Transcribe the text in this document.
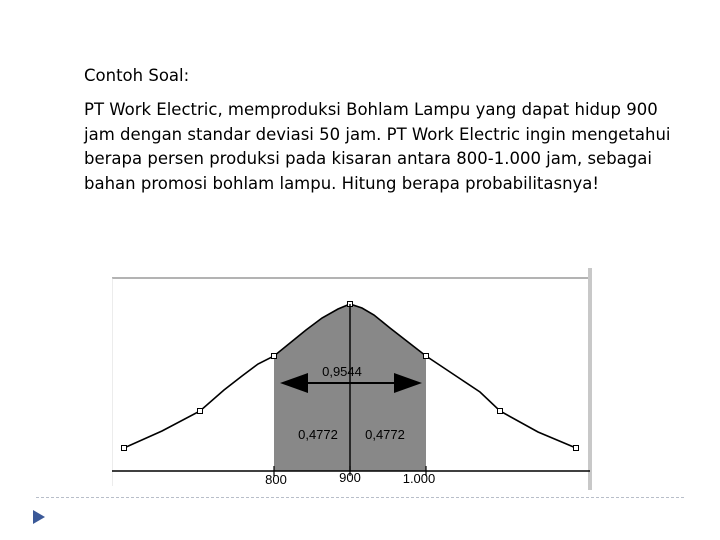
Contoh Soal:

PT Work Electric, memproduksi Bohlam Lampu yang dapat hidup 900 jam dengan standar deviasi 50 jam. PT Work Electric ingin mengetahui berapa persen produksi pada kisaran antara 800-1.000 jam, sebagai bahan promosi bohlam lampu. Hitung berapa probabilitasnya!

0,9544
0,4772 0,4772
800	900	1.000
